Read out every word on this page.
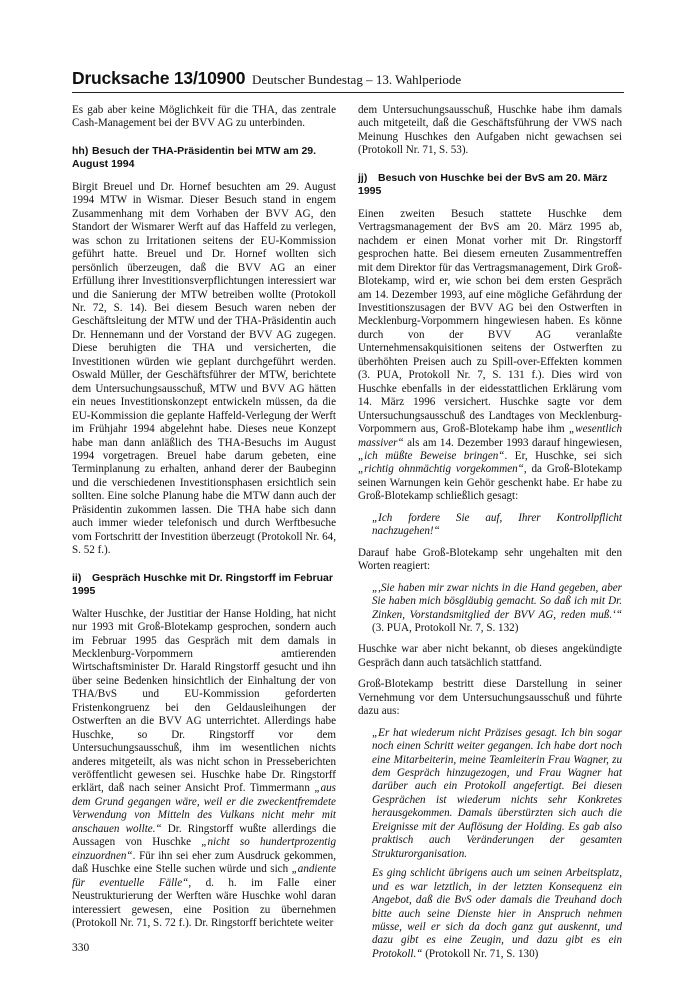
Drucksache 13/10900 Deutscher Bundestag – 13. Wahlperiode

Es gab aber keine Möglichkeit für die THA, das zentrale Cash-Management bei der BVV AG zu unterbinden.

hh) Besuch der THA-Präsidentin bei MTW am 29. August 1994

Birgit Breuel und Dr. Hornef besuchten am 29. August 1994 MTW in Wismar. Dieser Besuch stand in engem Zusammenhang mit dem Vorhaben der BVV AG, den Standort der Wismarer Werft auf das Haffeld zu verlegen, was schon zu Irritationen seitens der EU-Kommission geführt hatte. Breuel und Dr. Hornef wollten sich persönlich überzeugen, daß die BVV AG an einer Erfüllung ihrer Investitionsverpflichtungen interessiert war und die Sanierung der MTW betreiben wollte (Protokoll Nr. 72, S. 14). Bei diesem Besuch waren neben der Geschäftsleitung der MTW und der THA-Präsidentin auch Dr. Hennemann und der Vorstand der BVV AG zugegen. Diese beruhigten die THA und versicherten, die Investitionen würden wie geplant durchgeführt werden. Oswald Müller, der Geschäftsführer der MTW, berichtete dem Untersuchungsausschuß, MTW und BVV AG hätten ein neues Investitionskonzept entwickeln müssen, da die EU-Kommission die geplante Haffeld-Verlegung der Werft im Frühjahr 1994 abgelehnt habe. Dieses neue Konzept habe man dann anläßlich des THA-Besuchs im August 1994 vorgetragen. Breuel habe darum gebeten, eine Terminplanung zu erhalten, anhand derer der Baubeginn und die verschiedenen Investitionsphasen ersichtlich sein sollten. Eine solche Planung habe die MTW dann auch der Präsidentin zukommen lassen. Die THA habe sich dann auch immer wieder telefonisch und durch Werftbesuche vom Fortschritt der Investition überzeugt (Protokoll Nr. 64, S. 52 f.).

ii) Gespräch Huschke mit Dr. Ringstorff im Februar 1995

Walter Huschke, der Justitiar der Hanse Holding, hat nicht nur 1993 mit Groß-Blotekamp gesprochen, sondern auch im Februar 1995 das Gespräch mit dem damals in Mecklenburg-Vorpommern amtierenden Wirtschaftsminister Dr. Harald Ringstorff gesucht und ihn über seine Bedenken hinsichtlich der Einhaltung der von THA/BvS und EU-Kommission geforderten Fristenkongruenz bei den Geldausleihungen der Ostwerften an die BVV AG unterrichtet. Allerdings habe Huschke, so Dr. Ringstorff vor dem Untersuchungsausschuß, ihm im wesentlichen nichts anderes mitgeteilt, als was nicht schon in Presseberichten veröffentlicht gewesen sei. Huschke habe Dr. Ringstorff erklärt, daß nach seiner Ansicht Prof. Timmermann „aus dem Grund gegangen wäre, weil er die zweckentfremdete Verwendung von Mitteln des Vulkans nicht mehr mit anschauen wollte.“ Dr. Ringstorff wußte allerdings die Aussagen von Huschke „nicht so hundertprozentig einzuordnen“. Für ihn sei eher zum Ausdruck gekommen, daß Huschke eine Stelle suchen würde und sich „andiente für eventuelle Fälle“, d. h. im Falle einer Neustrukturierung der Werften wäre Huschke wohl daran interessiert gewesen, eine Position zu übernehmen (Protokoll Nr. 71, S. 72 f.). Dr. Ringstorff berichtete weiter

dem Untersuchungsausschuß, Huschke habe ihm damals auch mitgeteilt, daß die Geschäftsführung der VWS nach Meinung Huschkes den Aufgaben nicht gewachsen sei (Protokoll Nr. 71, S. 53).

jj) Besuch von Huschke bei der BvS am 20. März 1995

Einen zweiten Besuch stattete Huschke dem Vertragsmanagement der BvS am 20. März 1995 ab, nachdem er einen Monat vorher mit Dr. Ringstorff gesprochen hatte. Bei diesem erneuten Zusammentreffen mit dem Direktor für das Vertragsmanagement, Dirk Groß-Blotekamp, wird er, wie schon bei dem ersten Gespräch am 14. Dezember 1993, auf eine mögliche Gefährdung der Investitionszusagen der BVV AG bei den Ostwerften in Mecklenburg-Vorpommern hingewiesen haben. Es könne durch von der BVV AG veranlaßte Unternehmensakquisitionen seitens der Ostwerften zu überhöhten Preisen auch zu Spill-over-Effekten kommen (3. PUA, Protokoll Nr. 7, S. 131 f.). Dies wird von Huschke ebenfalls in der eidesstattlichen Erklärung vom 14. März 1996 versichert. Huschke sagte vor dem Untersuchungsausschuß des Landtages von Mecklenburg-Vorpommern aus, Groß-Blotekamp habe ihm „wesentlich massiver“ als am 14. Dezember 1993 darauf hingewiesen, „ich müßte Beweise bringen“. Er, Huschke, sei sich „richtig ohnmächtig vorgekommen“, da Groß-Blotekamp seinen Warnungen kein Gehör geschenkt habe. Er habe zu Groß-Blotekamp schließlich gesagt:

„Ich fordere Sie auf, Ihrer Kontrollpflicht nachzugehen!“

Darauf habe Groß-Blotekamp sehr ungehalten mit den Worten reagiert:

„,Sie haben mir zwar nichts in die Hand gegeben, aber Sie haben mich bösgläubig gemacht. So daß ich mit Dr. Zinken, Vorstandsmitglied der BVV AG, reden muß.‘“ (3. PUA, Protokoll Nr. 7, S. 132)

Huschke war aber nicht bekannt, ob dieses angekündigte Gespräch dann auch tatsächlich stattfand.

Groß-Blotekamp bestritt diese Darstellung in seiner Vernehmung vor dem Untersuchungsausschuß und führte dazu aus:

„Er hat wiederum nicht Präzises gesagt. Ich bin sogar noch einen Schritt weiter gegangen. Ich habe dort noch eine Mitarbeiterin, meine Teamleiterin Frau Wagner, zu dem Gespräch hinzugezogen, und Frau Wagner hat darüber auch ein Protokoll angefertigt. Bei diesen Gesprächen ist wiederum nichts sehr Konkretes herausgekommen. Damals überstürzten sich auch die Ereignisse mit der Auflösung der Holding. Es gab also praktisch auch Veränderungen der gesamten Strukturorganisation.

Es ging schlicht übrigens auch um seinen Arbeitsplatz, und es war letztlich, in der letzten Konsequenz ein Angebot, daß die BvS oder damals die Treuhand doch bitte auch seine Dienste hier in Anspruch nehmen müsse, weil er sich da doch ganz gut auskennt, und dazu gibt es eine Zeugin, und dazu gibt es ein Protokoll.“ (Protokoll Nr. 71, S. 130)

330
